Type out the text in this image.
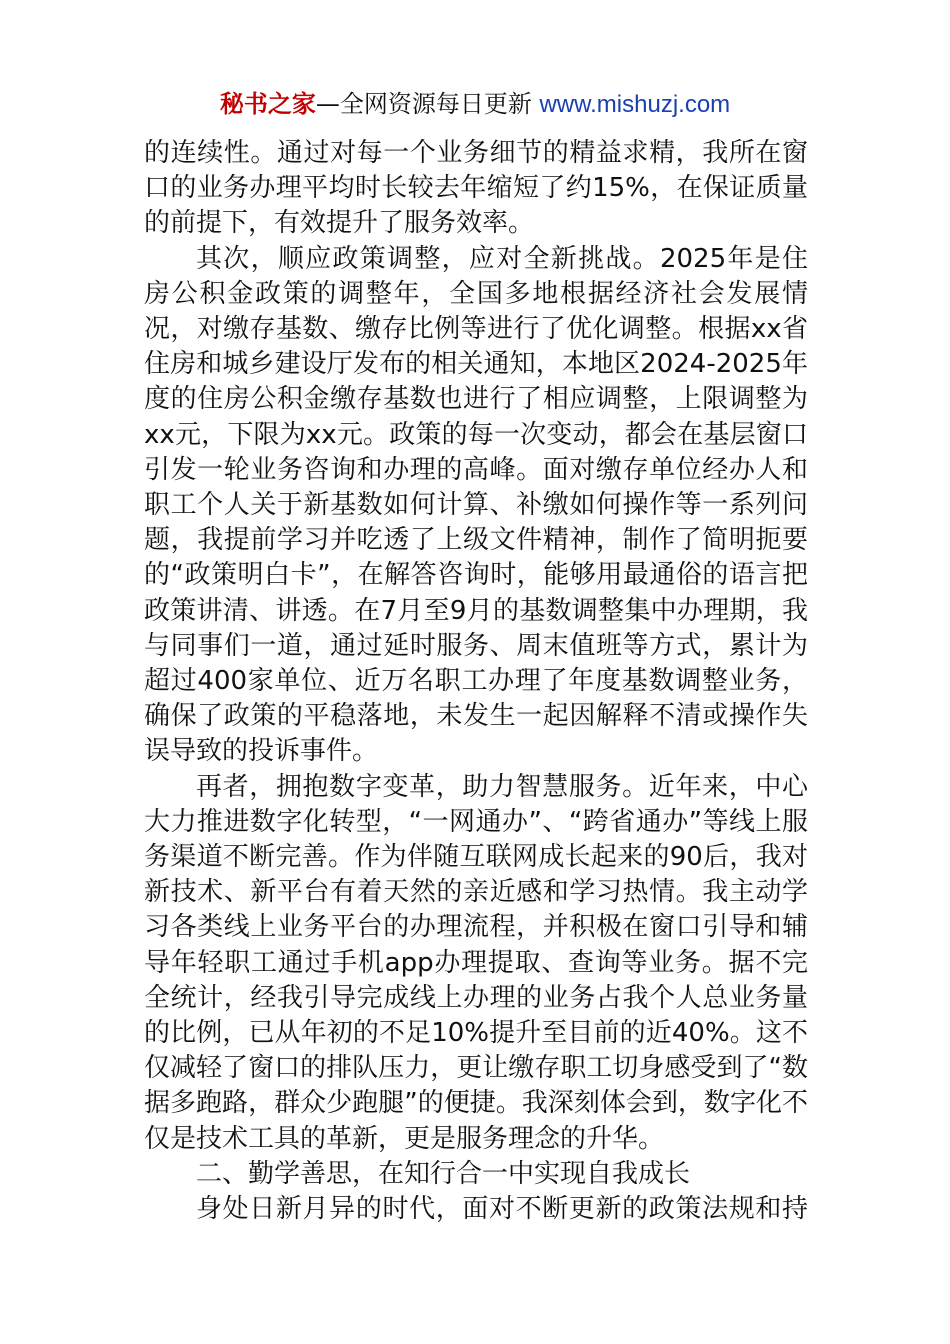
秘书之家—全网资源每日更新 www.mishuzj.com

的连续性。通过对每一个业务细节的精益求精，我所在窗口的业务办理平均时长较去年缩短了约15%，在保证质量的前提下，有效提升了服务效率。

其次，顺应政策调整，应对全新挑战。2025年是住房公积金政策的调整年，全国多地根据经济社会发展情况，对缴存基数、缴存比例等进行了优化调整。根据xx省住房和城乡建设厅发布的相关通知，本地区2024-2025年度的住房公积金缴存基数也进行了相应调整，上限调整为xx元，下限为xx元。政策的每一次变动，都会在基层窗口引发一轮业务咨询和办理的高峰。面对缴存单位经办人和职工个人关于新基数如何计算、补缴如何操作等一系列问题，我提前学习并吃透了上级文件精神，制作了简明扼要的“政策明白卡”，在解答咨询时，能够用最通俗的语言把政策讲清、讲透。在7月至9月的基数调整集中办理期，我与同事们一道，通过延时服务、周末值班等方式，累计为超过400家单位、近万名职工办理了年度基数调整业务，确保了政策的平稳落地，未发生一起因解释不清或操作失误导致的投诉事件。

再者，拥抱数字变革，助力智慧服务。近年来，中心大力推进数字化转型，“一网通办”、“跨省通办”等线上服务渠道不断完善。作为伴随互联网成长起来的90后，我对新技术、新平台有着天然的亲近感和学习热情。我主动学习各类线上业务平台的办理流程，并积极在窗口引导和辅导年轻职工通过手机app办理提取、查询等业务。据不完全统计，经我引导完成线上办理的业务占我个人总业务量的比例，已从年初的不足10%提升至目前的近40%。这不仅减轻了窗口的排队压力，更让缴存职工切身感受到了“数据多跑路，群众少跑腿”的便捷。我深刻体会到，数字化不仅是技术工具的革新，更是服务理念的升华。

二、勤学善思，在知行合一中实现自我成长

身处日新月异的时代，面对不断更新的政策法规和持
